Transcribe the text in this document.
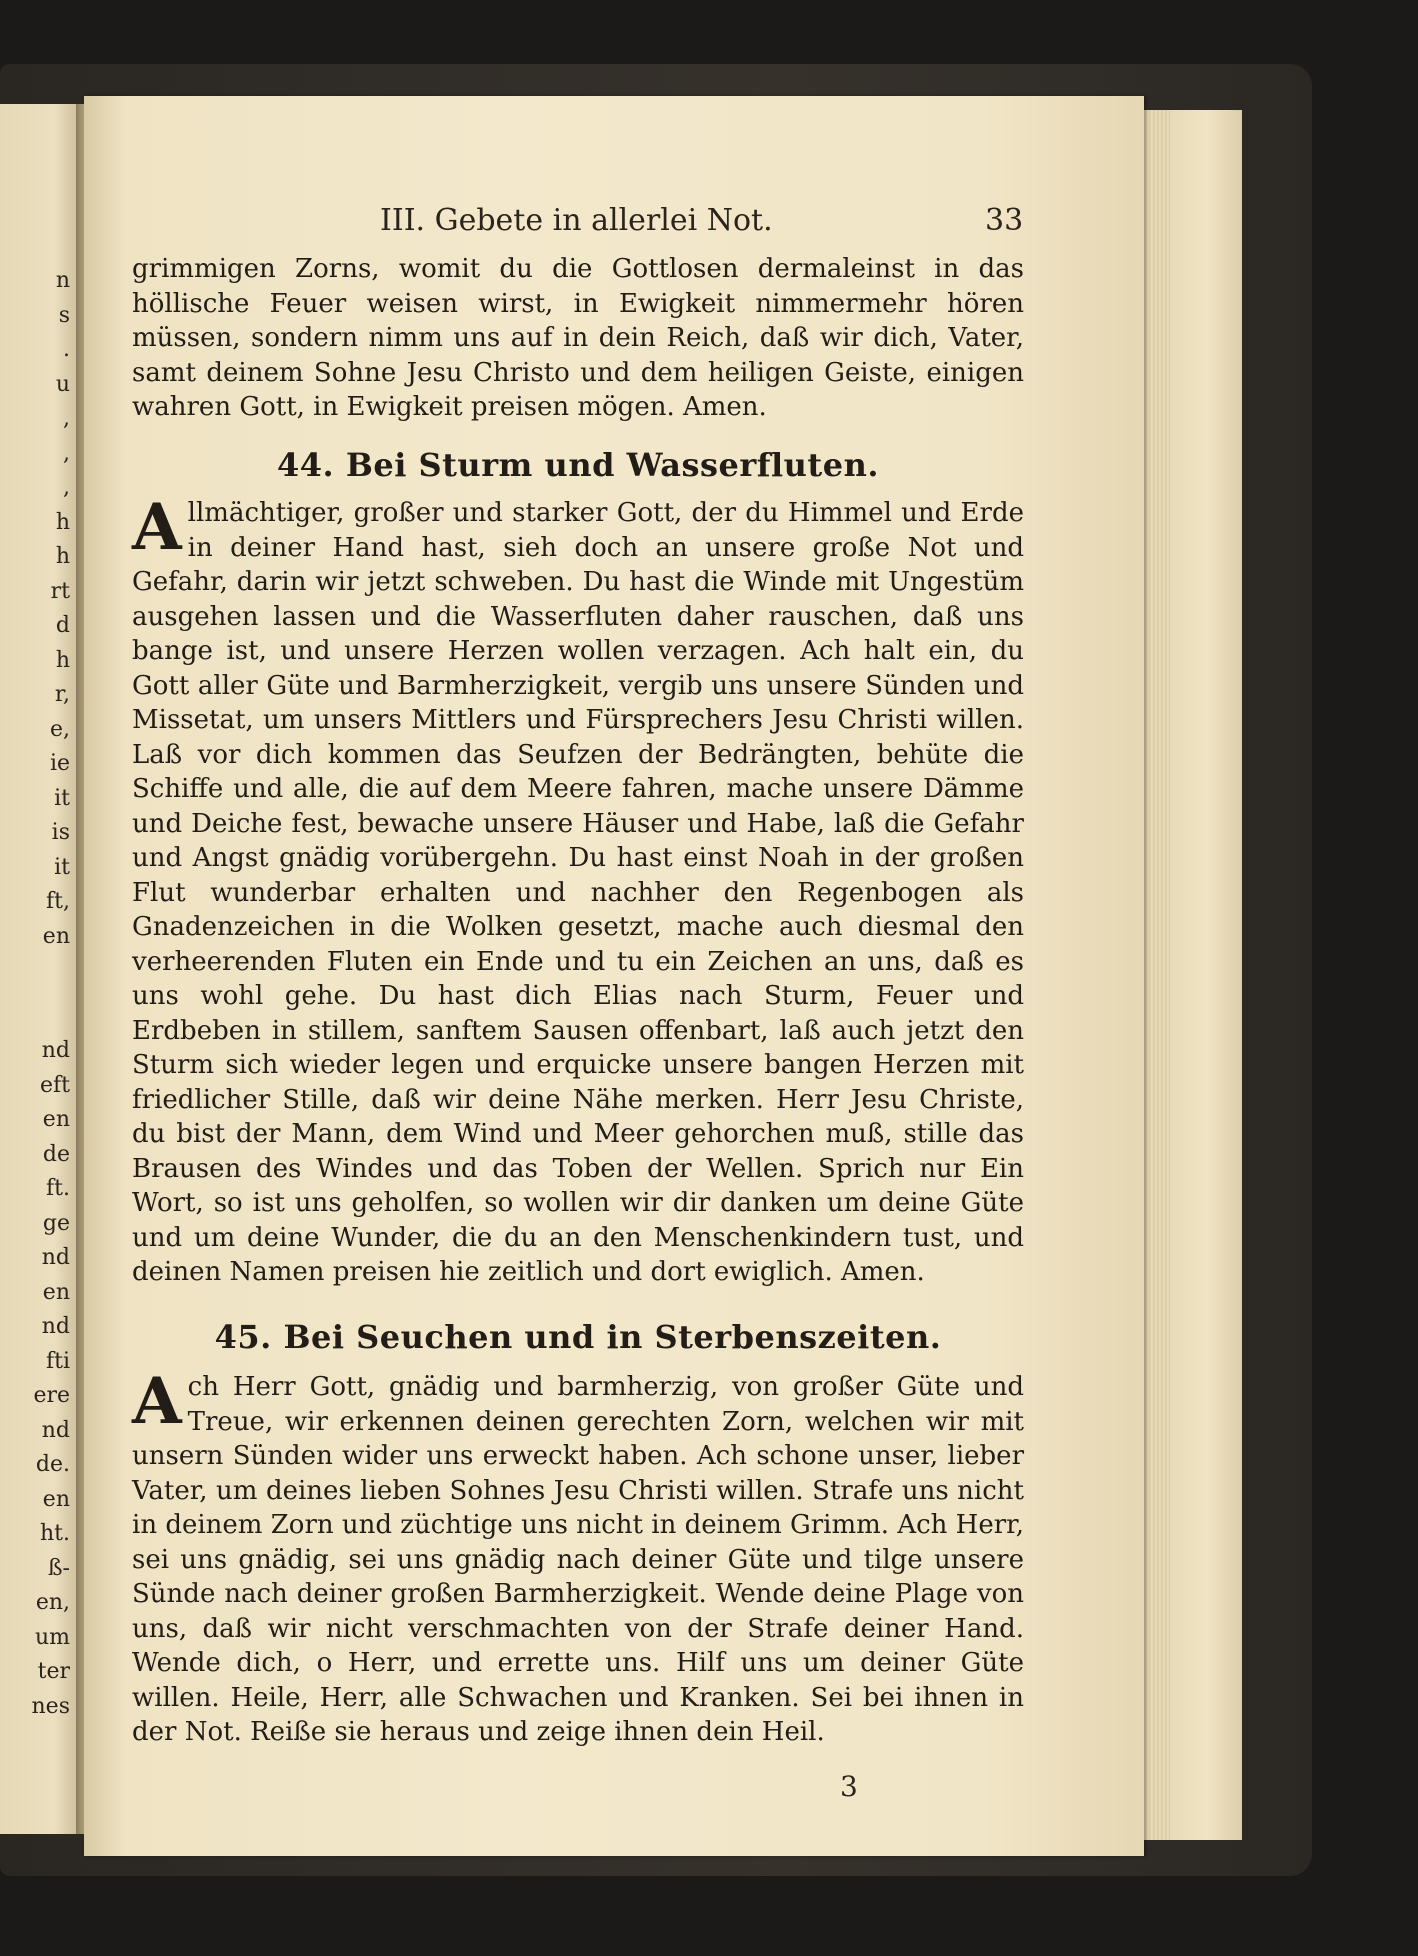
n
s
.
u
,
,
,
h
h
rt
d
h
r,
e,
ie
it
is
it
ft,
en
nd
eft
en
de
ft.
ge
nd
en
nd
fti
ere
nd
de.
en
ht.
ß-
en,
um
ter
nes
III. Gebete in allerlei Not.	33

grimmigen Zorns, womit du die Gottlosen dermaleinst in das höllische Feuer weisen wirst, in Ewigkeit nimmermehr hören müssen, sondern nimm uns auf in dein Reich, daß wir dich, Vater, samt deinem Sohne Jesu Christo und dem heiligen Geiste, einigen wahren Gott, in Ewigkeit preisen mögen. Amen.

44. Bei Sturm und Wasserfluten.

Allmächtiger, großer und starker Gott, der du Himmel und Erde in deiner Hand hast, sieh doch an unsere große Not und Gefahr, darin wir jetzt schweben. Du hast die Winde mit Ungestüm ausgehen lassen und die Wasserfluten daher rauschen, daß uns bange ist, und unsere Herzen wollen verzagen. Ach halt ein, du Gott aller Güte und Barmherzigkeit, vergib uns unsere Sünden und Missetat, um unsers Mittlers und Fürsprechers Jesu Christi willen. Laß vor dich kommen das Seufzen der Bedrängten, behüte die Schiffe und alle, die auf dem Meere fahren, mache unsere Dämme und Deiche fest, bewache unsere Häuser und Habe, laß die Gefahr und Angst gnädig vorübergehn. Du hast einst Noah in der großen Flut wunderbar erhalten und nachher den Regenbogen als Gnadenzeichen in die Wolken gesetzt, mache auch diesmal den verheerenden Fluten ein Ende und tu ein Zeichen an uns, daß es uns wohl gehe. Du hast dich Elias nach Sturm, Feuer und Erdbeben in stillem, sanftem Sausen offenbart, laß auch jetzt den Sturm sich wieder legen und erquicke unsere bangen Herzen mit friedlicher Stille, daß wir deine Nähe merken. Herr Jesu Christe, du bist der Mann, dem Wind und Meer gehorchen muß, stille das Brausen des Windes und das Toben der Wellen. Sprich nur Ein Wort, so ist uns geholfen, so wollen wir dir danken um deine Güte und um deine Wunder, die du an den Menschenkindern tust, und deinen Namen preisen hie zeitlich und dort ewiglich. Amen.

45. Bei Seuchen und in Sterbenszeiten.

Ach Herr Gott, gnädig und barmherzig, von großer Güte und Treue, wir erkennen deinen gerechten Zorn, welchen wir mit unsern Sünden wider uns erweckt haben. Ach schone unser, lieber Vater, um deines lieben Sohnes Jesu Christi willen. Strafe uns nicht in deinem Zorn und züchtige uns nicht in deinem Grimm. Ach Herr, sei uns gnädig, sei uns gnädig nach deiner Güte und tilge unsere Sünde nach deiner großen Barmherzigkeit. Wende deine Plage von uns, daß wir nicht verschmachten von der Strafe deiner Hand. Wende dich, o Herr, und errette uns. Hilf uns um deiner Güte willen. Heile, Herr, alle Schwachen und Kranken. Sei bei ihnen in der Not. Reiße sie heraus und zeige ihnen dein Heil.

3
